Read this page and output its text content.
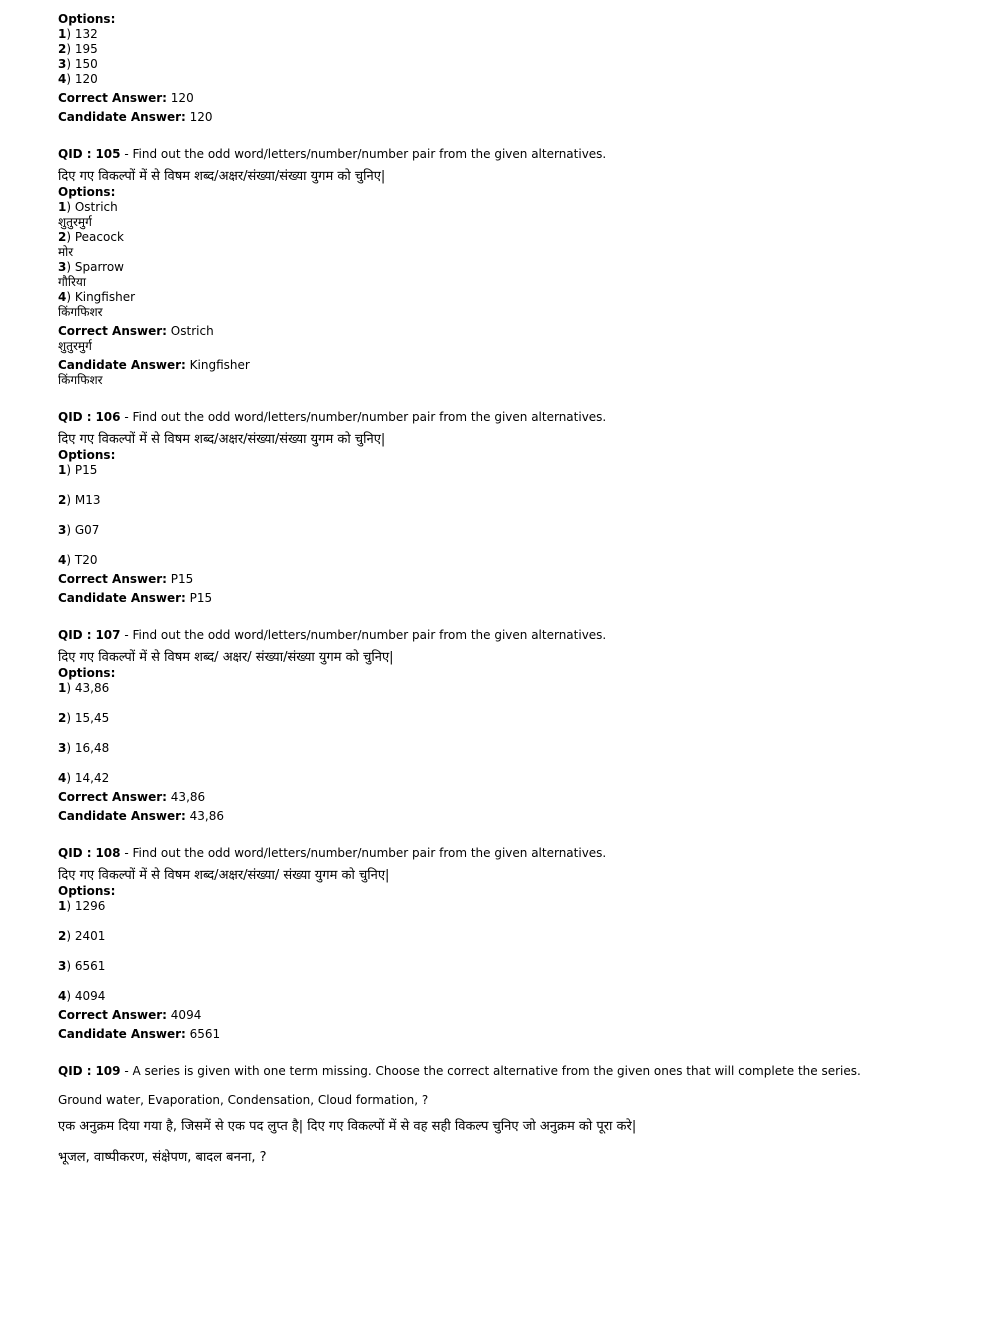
Options:

1) 132

2) 195

3) 150

4) 120

Correct Answer: 120

Candidate Answer: 120

QID : 105 - Find out the odd word/letters/number/number pair from the given alternatives.

दिए गए विकल्पों में से विषम शब्द/अक्षर/संख्या/संख्या युगम को चुनिए|

Options:

1) Ostrich

शुतुरमुर्ग

2) Peacock

मोर

3) Sparrow

गौरिया

4) Kingfisher

किंगफिशर

Correct Answer: Ostrich

शुतुरमुर्ग

Candidate Answer: Kingfisher

किंगफिशर

QID : 106 - Find out the odd word/letters/number/number pair from the given alternatives.

दिए गए विकल्पों में से विषम शब्द/अक्षर/संख्या/संख्या युगम को चुनिए|

Options:

1) P15

2) M13

3) G07

4) T20

Correct Answer: P15

Candidate Answer: P15

QID : 107 - Find out the odd word/letters/number/number pair from the given alternatives.

दिए गए विकल्पों में से विषम शब्द/ अक्षर/ संख्या/संख्या युगम को चुनिए|

Options:

1) 43,86

2) 15,45

3) 16,48

4) 14,42

Correct Answer: 43,86

Candidate Answer: 43,86

QID : 108 - Find out the odd word/letters/number/number pair from the given alternatives.

दिए गए विकल्पों में से विषम शब्द/अक्षर/संख्या/ संख्या युगम को चुनिए|

Options:

1) 1296

2) 2401

3) 6561

4) 4094

Correct Answer: 4094

Candidate Answer: 6561

QID : 109 - A series is given with one term missing. Choose the correct alternative from the given ones that will complete the series.

Ground water, Evaporation, Condensation, Cloud formation, ?

एक अनुक्रम दिया गया है, जिसमें से एक पद लुप्त है| दिए गए विकल्पों में से वह सही विकल्प चुनिए जो अनुक्रम को पूरा करे|

भूजल, वाष्पीकरण, संक्षेपण, बादल बनना, ?
